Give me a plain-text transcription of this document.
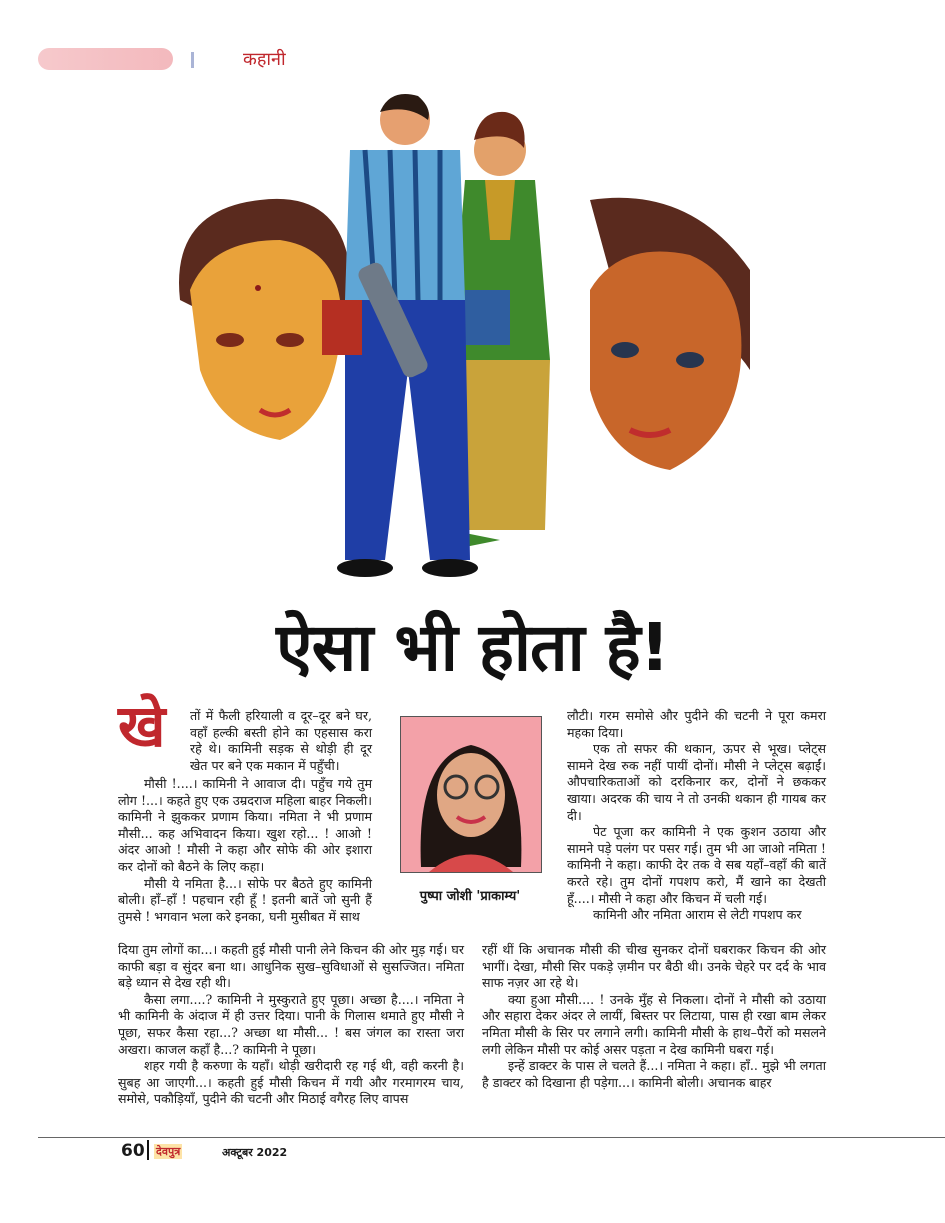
कहानी
ऐसा भी होता है!
खे तों में फैली हरियाली व दूर–दूर बने घर, वहाँ हल्की बस्ती होने का एहसास करा रहे थे। कामिनी सड़क से थोड़ी ही दूर खेत पर बने एक मकान में पहुँची।

मौसी !....। कामिनी ने आवाज दी। पहुँच गये तुम लोग !...। कहते हुए एक उम्रदराज महिला बाहर निकली। कामिनी ने झुककर प्रणाम किया। नमिता ने भी प्रणाम मौसी... कह अभिवादन किया। खुश रहो... ! आओ ! अंदर आओ ! मौसी ने कहा और सोफे की ओर इशारा कर दोनों को बैठने के लिए कहा।

मौसी ये नमिता है...। सोफे पर बैठते हुए कामिनी बोली। हाँ–हाँ ! पहचान रही हूँ ! इतनी बातें जो सुनी हैं तुमसे ! भगवान भला करे इनका, घनी मुसीबत में साथ

दिया तुम लोगों का...। कहती हुई मौसी पानी लेने किचन की ओर मुड़ गई। घर काफी बड़ा व सुंदर बना था। आधुनिक सुख–सुविधाओं से सुसज्जित। नमिता बड़े ध्यान से देख रही थी।

कैसा लगा....? कामिनी ने मुस्कुराते हुए पूछा। अच्छा है....। नमिता ने भी कामिनी के अंदाज में ही उत्तर दिया। पानी के गिलास थमाते हुए मौसी ने पूछा, सफर कैसा रहा...? अच्छा था मौसी... ! बस जंगल का रास्ता जरा अखरा। काजल कहाँ है...? कामिनी ने पूछा।

शहर गयी है करुणा के यहाँ। थोड़ी खरीदारी रह गई थी, वही करनी है। सुबह आ जाएगी...। कहती हुई मौसी किचन में गयी और गरमागरम चाय, समोसे, पकौड़ियाँ, पुदीने की चटनी और मिठाई वगैरह लिए वापस

पुष्पा जोशी 'प्राकाम्य'

लौटी। गरम समोसे और पुदीने की चटनी ने पूरा कमरा महका दिया।

एक तो सफर की थकान, ऊपर से भूख। प्लेट्स सामने देख रुक नहीं पायीं दोनों। मौसी ने प्लेट्स बढ़ाईं। औपचारिकताओं को दरकिनार कर, दोनों ने छककर खाया। अदरक की चाय ने तो उनकी थकान ही गायब कर दी।

पेट पूजा कर कामिनी ने एक कुशन उठाया और सामने पड़े पलंग पर पसर गई। तुम भी आ जाओ नमिता ! कामिनी ने कहा। काफी देर तक वे सब यहाँ–वहाँ की बातें करते रहे। तुम दोनों गपशप करो, मैं खाने का देखती हूँ....। मौसी ने कहा और किचन में चली गई।

कामिनी और नमिता आराम से लेटी गपशप कर

रहीं थीं कि अचानक मौसी की चीख सुनकर दोनों घबराकर किचन की ओर भागीं। देखा, मौसी सिर पकड़े ज़मीन पर बैठी थी। उनके चेहरे पर दर्द के भाव साफ नज़र आ रहे थे।

क्या हुआ मौसी.... ! उनके मुँह से निकला। दोनों ने मौसी को उठाया और सहारा देकर अंदर ले लायीं, बिस्तर पर लिटाया, पास ही रखा बाम लेकर नमिता मौसी के सिर पर लगाने लगी। कामिनी मौसी के हाथ–पैरों को मसलने लगी लेकिन मौसी पर कोई असर पड़ता न देख कामिनी घबरा गई।

इन्हें डाक्टर के पास ले चलते हैं...। नमिता ने कहा। हाँ.. मुझे भी लगता है डाक्टर को दिखाना ही पड़ेगा...। कामिनी बोली। अचानक बाहर

60 देवपुत्र	अक्टूबर 2022
